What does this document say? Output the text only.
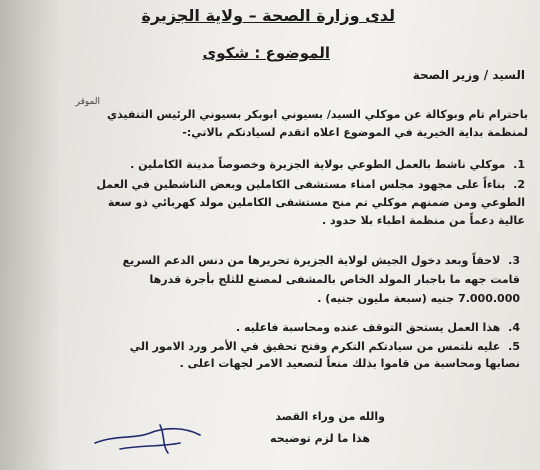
لدى وزارة الصحة – ولاية الجزيرة
الموضوع : شكوى
السيد / وزير الصحة
الموقر
باحترام تام وبوكالة عن موكلي السيد/ بسيوني ابوبكر بسيوني الرئيس التنفيذي
لمنظمة بداية الخيرية في الموضوع اعلاه اتقدم لسيادتكم بالاتي:-
1. موكلي ناشط بالعمل الطوعي بولاية الجزيرة وخصوصاً مدينة الكاملين .
2. بناءاً على مجهود مجلس امناء مستشفى الكاملين وبعض الناشطين في العمل
الطوعي ومن ضمنهم موكلي تم منح مستشفى الكاملين مولد كهربائي ذو سعة
عالية دعماً من منظمة اطباء بلا حدود .
3. لاحقاً وبعد دخول الجيش لولاية الجزيرة تحريرها من دنس الدعم السريع
قامت جهه ما باجبار المولد الخاص بالمشفى لمصنع للثلج بأجرة قدرها
7.000.000 جنيه (سبعة مليون جنيه) .
4. هذا العمل يستحق التوقف عنده ومحاسبة فاعليه .
5. عليه نلتمس من سيادتكم التكرم وفتح تحقيق في الأمر ورد الامور الي
نصابها ومحاسبة من قاموا بذلك منعاً لتصعيد الامر لجهات اعلى .
والله من وراء القصد
هذا ما لزم توضيحه
